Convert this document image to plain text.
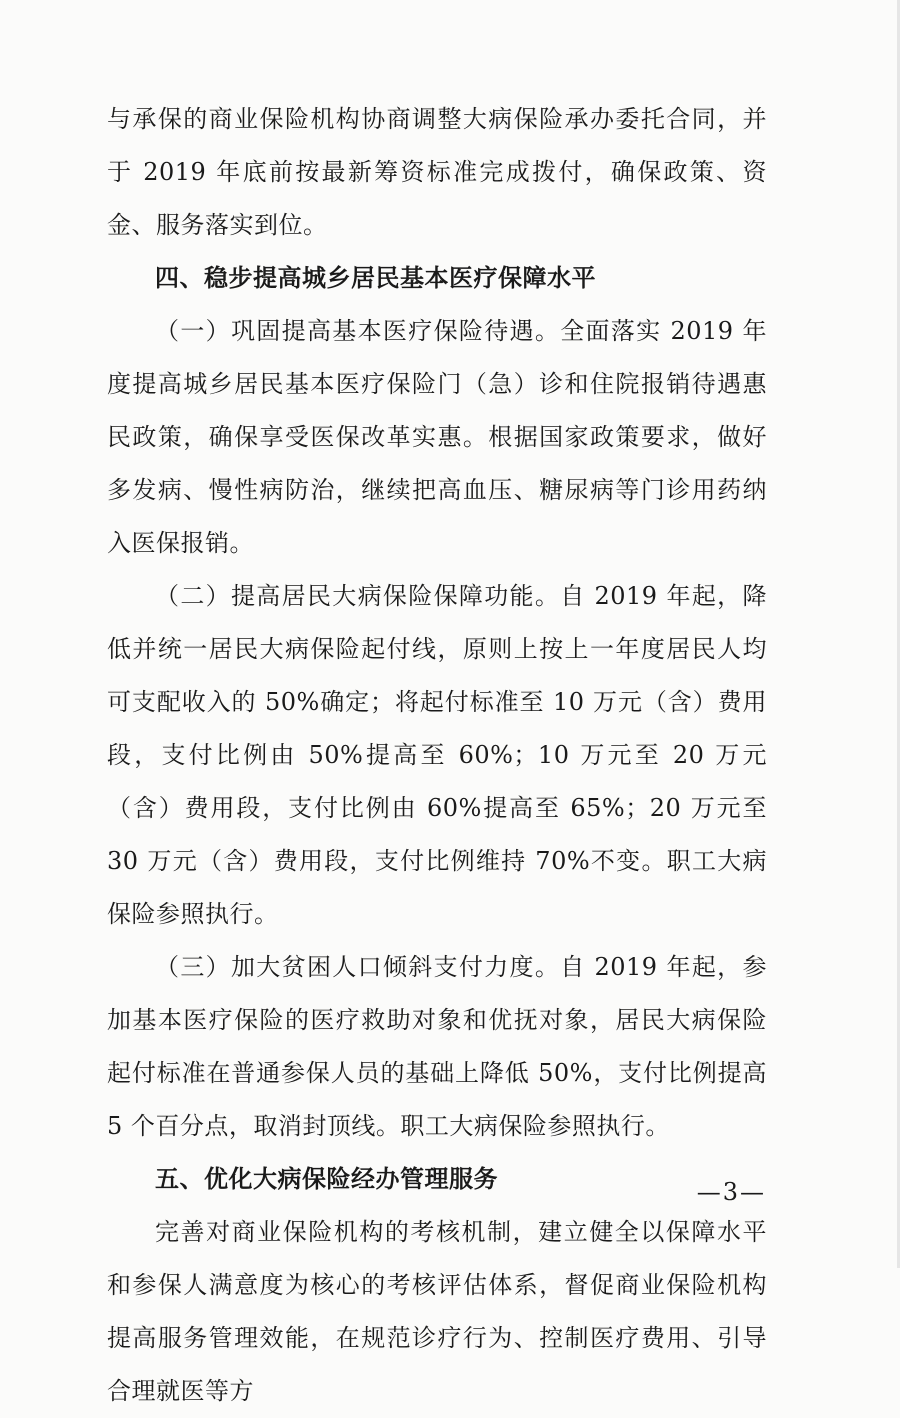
与承保的商业保险机构协商调整大病保险承办委托合同，并于 2019 年底前按最新筹资标准完成拨付，确保政策、资金、服务落实到位。

四、稳步提高城乡居民基本医疗保障水平

（一）巩固提高基本医疗保险待遇。全面落实 2019 年度提高城乡居民基本医疗保险门（急）诊和住院报销待遇惠民政策，确保享受医保改革实惠。根据国家政策要求，做好多发病、慢性病防治，继续把高血压、糖尿病等门诊用药纳入医保报销。

（二）提高居民大病保险保障功能。自 2019 年起，降低并统一居民大病保险起付线，原则上按上一年度居民人均可支配收入的 50%确定；将起付标准至 10 万元（含）费用段，支付比例由 50%提高至 60%；10 万元至 20 万元（含）费用段，支付比例由 60%提高至 65%；20 万元至 30 万元（含）费用段，支付比例维持 70%不变。职工大病保险参照执行。

（三）加大贫困人口倾斜支付力度。自 2019 年起，参加基本医疗保险的医疗救助对象和优抚对象，居民大病保险起付标准在普通参保人员的基础上降低 50%，支付比例提高 5 个百分点，取消封顶线。职工大病保险参照执行。

五、优化大病保险经办管理服务

完善对商业保险机构的考核机制，建立健全以保障水平和参保人满意度为核心的考核评估体系，督促商业保险机构提高服务管理效能，在规范诊疗行为、控制医疗费用、引导合理就医等方

—3—
